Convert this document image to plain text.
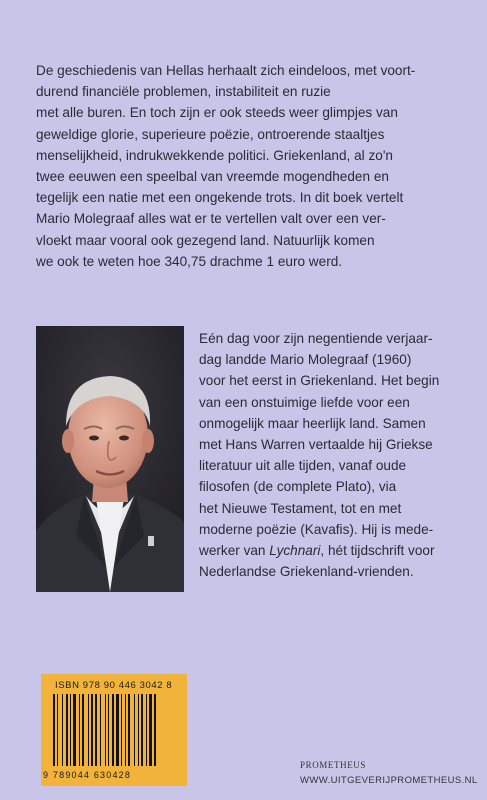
De geschiedenis van Hellas herhaalt zich eindeloos, met voort-
durend financiële problemen, instabiliteit en ruzie
met alle buren. En toch zijn er ook steeds weer glimpjes van
geweldige glorie, superieure poëzie, ontroerende staaltjes
menselijkheid, indrukwekkende politici. Griekenland, al zo'n
twee eeuwen een speelbal van vreemde mogendheden en
tegelijk een natie met een ongekende trots. In dit boek vertelt
Mario Molegraaf alles wat er te vertellen valt over een ver-
vloekt maar vooral ook gezegend land. Natuurlijk komen
we ook te weten hoe 340,75 drachme 1 euro werd.
Eén dag voor zijn negentiende verjaar-
dag landde Mario Molegraaf (1960)
voor het eerst in Griekenland. Het begin
van een onstuimige liefde voor een
onmogelijk maar heerlijk land. Samen
met Hans Warren vertaalde hij Griekse
literatuur uit alle tijden, vanaf oude
filosofen (de complete Plato), via
het Nieuwe Testament, tot en met
moderne poëzie (Kavafis). Hij is mede-
werker van Lychnari, hét tijdschrift voor
Nederlandse Griekenland-vrienden.
ISBN 978 90 446 3042 8
9 789044 630428
PROMETHEUS
WWW.UITGEVERIJPROMETHEUS.NL
